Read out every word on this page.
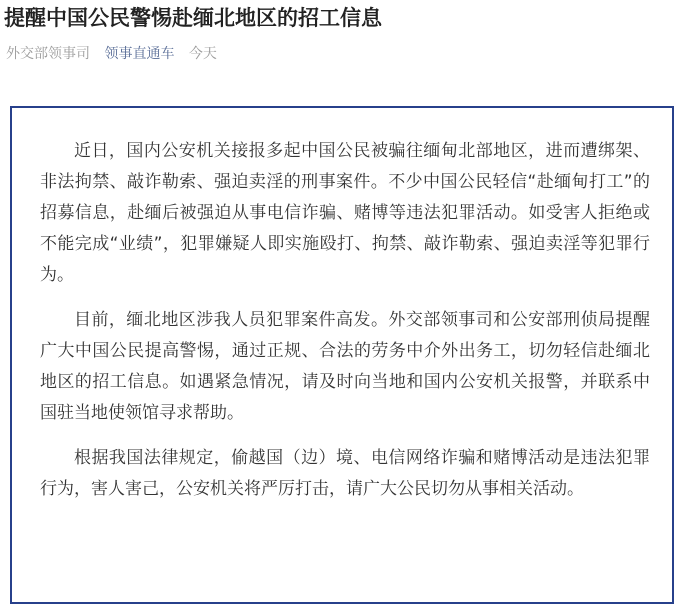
提醒中国公民警惕赴缅北地区的招工信息
外交部领事司 领事直通车 今天

近日，国内公安机关接报多起中国公民被骗往缅甸北部地区，进而遭绑架、非法拘禁、敲诈勒索、强迫卖淫的刑事案件。不少中国公民轻信“赴缅甸打工”的招募信息，赴缅后被强迫从事电信诈骗、赌博等违法犯罪活动。如受害人拒绝或不能完成“业绩”，犯罪嫌疑人即实施殴打、拘禁、敲诈勒索、强迫卖淫等犯罪行为。

目前，缅北地区涉我人员犯罪案件高发。外交部领事司和公安部刑侦局提醒广大中国公民提高警惕，通过正规、合法的劳务中介外出务工，切勿轻信赴缅北地区的招工信息。如遇紧急情况，请及时向当地和国内公安机关报警，并联系中国驻当地使领馆寻求帮助。

根据我国法律规定，偷越国（边）境、电信网络诈骗和赌博活动是违法犯罪行为，害人害己，公安机关将严厉打击，请广大公民切勿从事相关活动。
